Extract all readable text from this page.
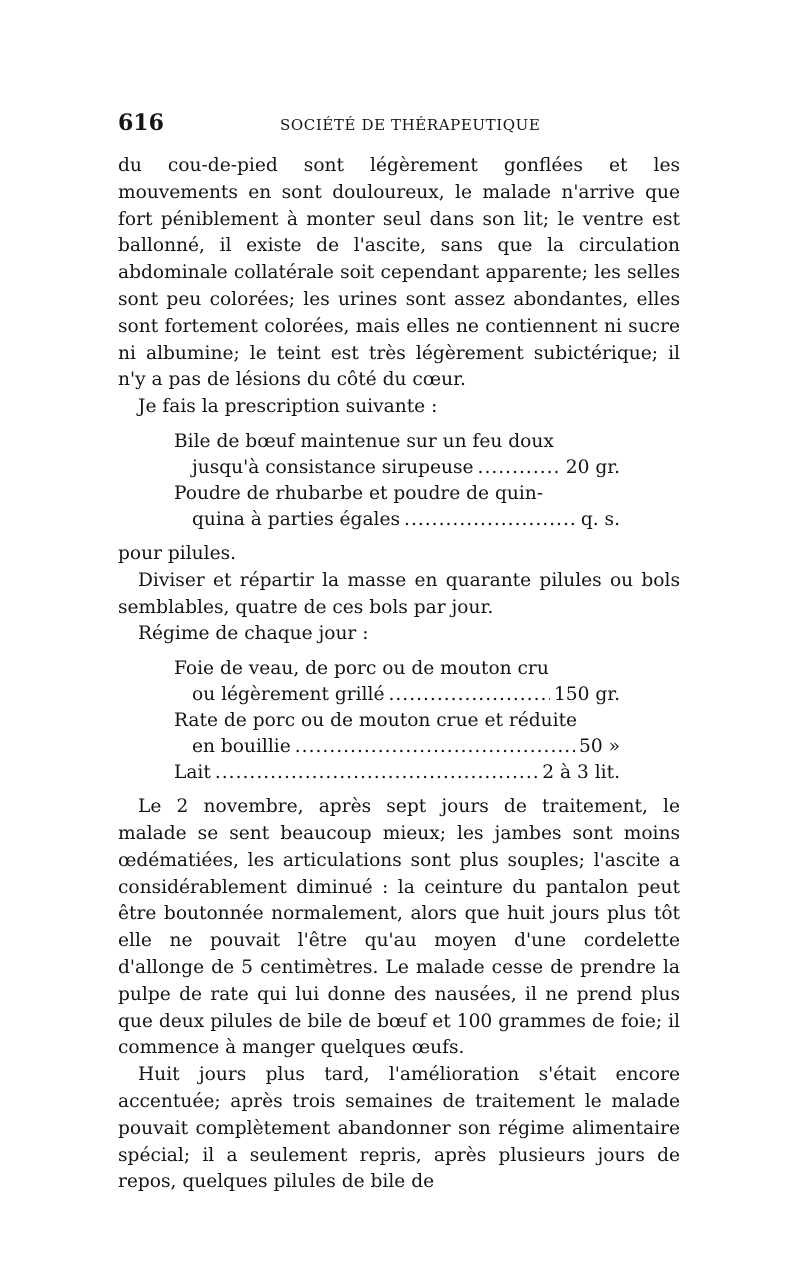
616	SOCIÉTÉ DE THÉRAPEUTIQUE

du cou-de-pied sont légèrement gonflées et les mouvements en sont douloureux, le malade n'arrive que fort péniblement à monter seul dans son lit; le ventre est ballonné, il existe de l'ascite, sans que la circulation abdominale collatérale soit cependant apparente; les selles sont peu colorées; les urines sont assez abondantes, elles sont fortement colorées, mais elles ne contiennent ni sucre ni albumine; le teint est très légèrement subictérique; il n'y a pas de lésions du côté du cœur.

Je fais la prescription suivante :

Bile de bœuf maintenue sur un feu doux
jusqu'à consistance sirupeuse .....	20 gr.
Poudre de rhubarbe et poudre de quin-
quina à parties égales .....	q. s.

pour pilules.

Diviser et répartir la masse en quarante pilules ou bols semblables, quatre de ces bols par jour.

Régime de chaque jour :

Foie de veau, de porc ou de mouton cru
ou légèrement grillé .....	150 gr.
Rate de porc ou de mouton crue et réduite
en bouillie .....	50 »
Lait .....	2 à 3 lit.

Le 2 novembre, après sept jours de traitement, le malade se sent beaucoup mieux; les jambes sont moins œdématiées, les articulations sont plus souples; l'ascite a considérablement diminué : la ceinture du pantalon peut être boutonnée normalement, alors que huit jours plus tôt elle ne pouvait l'être qu'au moyen d'une cordelette d'allonge de 5 centimètres. Le malade cesse de prendre la pulpe de rate qui lui donne des nausées, il ne prend plus que deux pilules de bile de bœuf et 100 grammes de foie; il commence à manger quelques œufs.

Huit jours plus tard, l'amélioration s'était encore accentuée; après trois semaines de traitement le malade pouvait complètement abandonner son régime alimentaire spécial; il a seulement repris, après plusieurs jours de repos, quelques pilules de bile de
